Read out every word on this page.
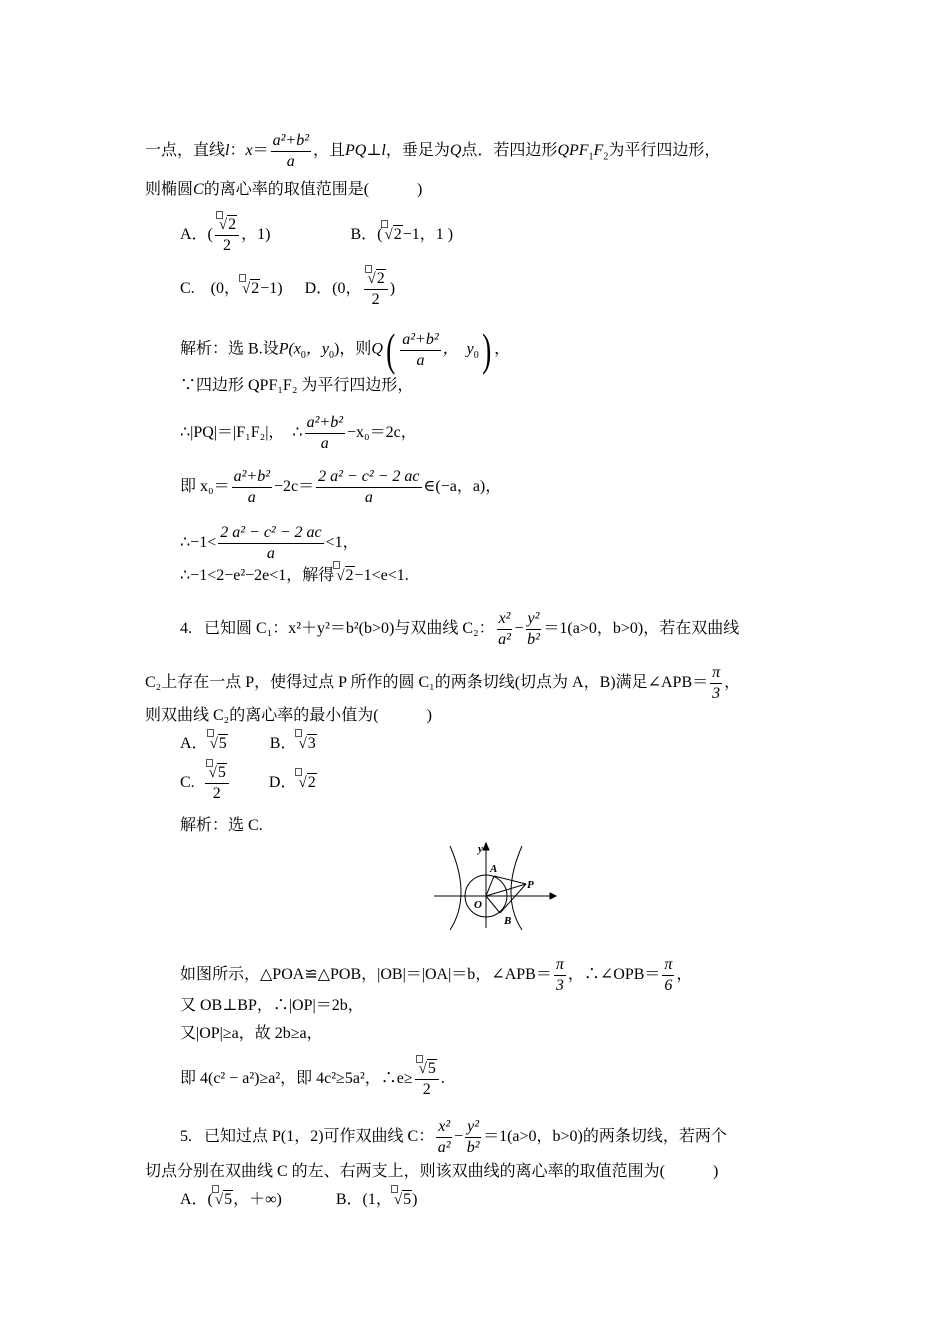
一点，直线l：$x= \frac{\text{a²+b²}}{a}$ ，且PQ⊥l，垂足为Q点．若四边形$QPF_1F_2$为平行四边形，
则椭圆C的离心率的取值范围是(　　　)
A．( $\frac{√2}{2}$ ，1)	B．( √2−1，1 )
C.　(0， √2−1) D．(0， $\frac{√2}{2}$ )
解析：选 B.设$P(x_0$，$y_0$)，则$Q( \frac{\text{a²+b²}}{a}$ ，　$y_0$) ，
∵四边形 QPF₁F₂ 为平行四边形，
∴|PQ|＝|F₁F₂|，　∴ $\frac{\text{a²+b²}}{a} -x_0=2c$，
即 $x_0= \frac{\text{a²+b²}}{a} -2c= \frac{\text{2 a² − c² − 2 ac}}{a}$ ∈(−a，a)，
∴−1< $\frac{\text{2 a² − c² − 2 ac}}{a} <1$，
∴−1<2−e²−2e<1，解得 √2−1<e<1.
4. 已知圆 C₁：x²＋y²＝b²(b>0)与双曲线 C₂： $\frac{\text{x²}}{\text{a²}} - \frac{\text{y²}}{\text{b²}} =1(a>0$，b>0)，若在双曲线
C₂上存在一点 P，使得过点 P 所作的圆 C₁的两条切线(切点为 A，B)满足∠APB＝ $\frac{\pi}{3}$ ，
则双曲线 C₂的离心率的最小值为(　　　)
A． √5	B． √3
C. $\frac{√5}{2}$	D． √2
解析：选 C.
y
A
O
B
P
如图所示，△POA≌△POB，|OB|＝|OA|＝b，∠APB＝ $\frac{\pi}{3}$ ，∴∠OPB＝ $\frac{\pi}{6}$ ，
又 OB⊥BP，∴|OP|＝2b，
又|OP|≥a，故 2b≥a，
即 4(c² − a²)≥a²，即 4c²≥5a²，∴e≥ $\frac{√5}{2}$ .
5. 已知过点 P(1，2)可作双曲线 C： $\frac{\text{x²}}{\text{a²}} - \frac{\text{y²}}{\text{b²}} =1(a>0$，b>0)的两条切线，若两个
切点分别在双曲线 C 的左、右两支上，则该双曲线的离心率的取值范围为(　　　)
A．( √5，＋∞)	B．(1， √5)
